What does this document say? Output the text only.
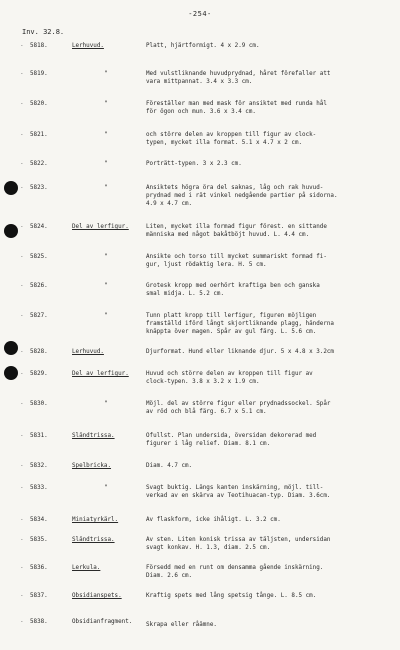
-254-
Inv. 32.8.
- 5818.	Lerhuvud.	Platt, hjärtformigt. 4 x 2.9 cm.
- 5819.	"	Med vulstliknande huvudprydnad, håret förefaller att
vara mittpannat. 3.4 x 3.3 cm.
- 5820.	"	Föreställer man med mask för ansiktet med runda hål
för ögon och mun. 3.6 x 3.4 cm.
- 5821.	"	och större delen av kroppen till figur av clock-
typen, mycket illa format. 5.1 x 4.7 x 2 cm.
- 5822.	"	Porträtt-typen. 3 x 2.3 cm.
- 5823.	"	Ansiktets högra öra del saknas, låg och rak huvud-
prydnad med i rät vinkel nedgående partier på sidorna.
4.9 x 4.7 cm.
- 5824.	Del av lerfigur.	Liten, mycket illa formad figur förest. en sittande
människa med något bakåtböjt huvud. L. 4.4 cm.
- 5825.	"	Ansikte och torso till mycket summariskt formad fi-
gur, ljust rödaktig lera. H. 5 cm.
- 5826.	"	Grotesk kropp med oerhört kraftiga ben och ganska
smal midja. L. 5.2 cm.
- 5827.	"	Tunn platt kropp till lerfigur, figuren möjligen
framställd iförd långt skjortliknande plagg, händerna
knäppta över magen. Spår av gul färg. L. 5.6 cm.
- 5828.	Lerhuvud.	Djurformat. Hund eller liknande djur. 5 x 4.8 x 3.2cm
- 5829.	Del av lerfigur.	Huvud och större delen av kroppen till figur av
clock-typen. 3.8 x 3.2 x 1.9 cm.
- 5830.	"	Möjl. del av större figur eller prydnadssockel. Spår
av röd och blå färg. 6.7 x 5.1 cm.
- 5831.	Sländtrissa.	Ofullst. Plan undersida, översidan dekorerad med
figurer i låg relief. Diam. 8.1 cm.
- 5832.	Spelbricka.	Diam. 4.7 cm.
- 5833.	"	Svagt buktig. Längs kanten inskärning, möjl. till-
verkad av en skärva av Teotihuacan-typ. Diam. 3.6cm.
- 5834.	Miniatyrkärl.	Av flaskform, icke ihåligt. L. 3.2 cm.
- 5835.	Sländtrissa.	Av sten. Liten konisk trissa av täljsten, undersidan
svagt konkav. H. 1.3, diam. 2.5 cm.
- 5836.	Lerkula.	Försedd med en runt om densamma gående inskärning.
Diam. 2.6 cm.
- 5837.	Obsidianspets.	Kraftig spets med lång spetsig tånge. L. 8.5 cm.
- 5838.	Obsidianfragment.	Skrapa eller råämne.
